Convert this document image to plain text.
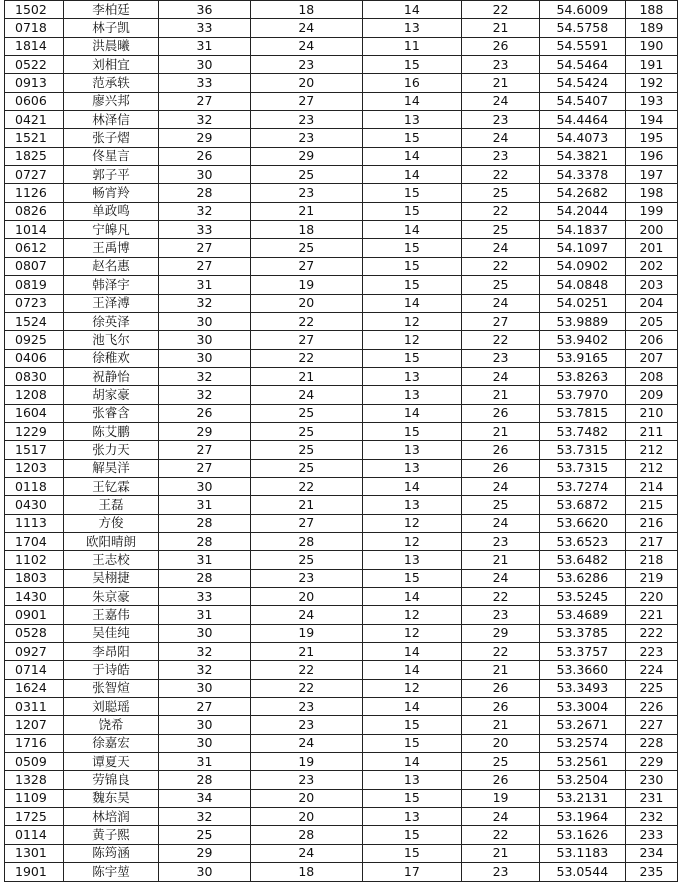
1502	李柏廷	36	18	14	22	54.6009	188
0718	林子凯	33	24	13	21	54.5758	189
1814	洪晨曦	31	24	11	26	54.5591	190
0522	刘相宜	30	23	15	23	54.5464	191
0913	范承轶	33	20	16	21	54.5424	192
0606	廖兴邦	27	27	14	24	54.5407	193
0421	林泽信	32	23	13	23	54.4464	194
1521	张子熠	29	23	15	24	54.4073	195
1825	佟星言	26	29	14	23	54.3821	196
0727	郭子平	30	25	14	22	54.3378	197
1126	畅宵羚	28	23	15	25	54.2682	198
0826	单政鸣	32	21	15	22	54.2044	199
1014	宁皞凡	33	18	14	25	54.1837	200
0612	王禹博	27	25	15	24	54.1097	201
0807	赵名惠	27	27	15	22	54.0902	202
0819	韩泽宇	31	19	15	25	54.0848	203
0723	王泽溥	32	20	14	24	54.0251	204
1524	徐英泽	30	22	12	27	53.9889	205
0925	池飞尔	30	27	12	22	53.9402	206
0406	徐稚欢	30	22	15	23	53.9165	207
0830	祝静怡	32	21	13	24	53.8263	208
1208	胡家豪	32	24	13	21	53.7970	209
1604	张睿含	26	25	14	26	53.7815	210
1229	陈艾鹏	29	25	15	21	53.7482	211
1517	张力天	27	25	13	26	53.7315	212
1203	解昊洋	27	25	13	26	53.7315	212
0118	王钇霖	30	22	14	24	53.7274	214
0430	王磊	31	21	13	25	53.6872	215
1113	方俊	28	27	12	24	53.6620	216
1704	欧阳晴朗	28	28	12	23	53.6523	217
1102	王志校	31	25	13	21	53.6482	218
1803	吴栩捷	28	23	15	24	53.6286	219
1430	朱京豪	33	20	14	22	53.5245	220
0901	王嘉伟	31	24	12	23	53.4689	221
0528	吴佳纯	30	19	12	29	53.3785	222
0927	李昂阳	32	21	14	22	53.3757	223
0714	于诗皓	32	22	14	21	53.3660	224
1624	张智煊	30	22	12	26	53.3493	225
0311	刘聪瑶	27	23	14	26	53.3004	226
1207	饶希	30	23	15	21	53.2671	227
1716	徐嘉宏	30	24	15	20	53.2574	228
0509	谭夏天	31	19	14	25	53.2561	229
1328	劳锦良	28	23	13	26	53.2504	230
1109	魏东昊	34	20	15	19	53.2131	231
1725	林培润	32	20	13	24	53.1964	232
0114	黄子熙	25	28	15	22	53.1626	233
1301	陈筠涵	29	24	15	21	53.1183	234
1901	陈宇堃	30	18	17	23	53.0544	235
